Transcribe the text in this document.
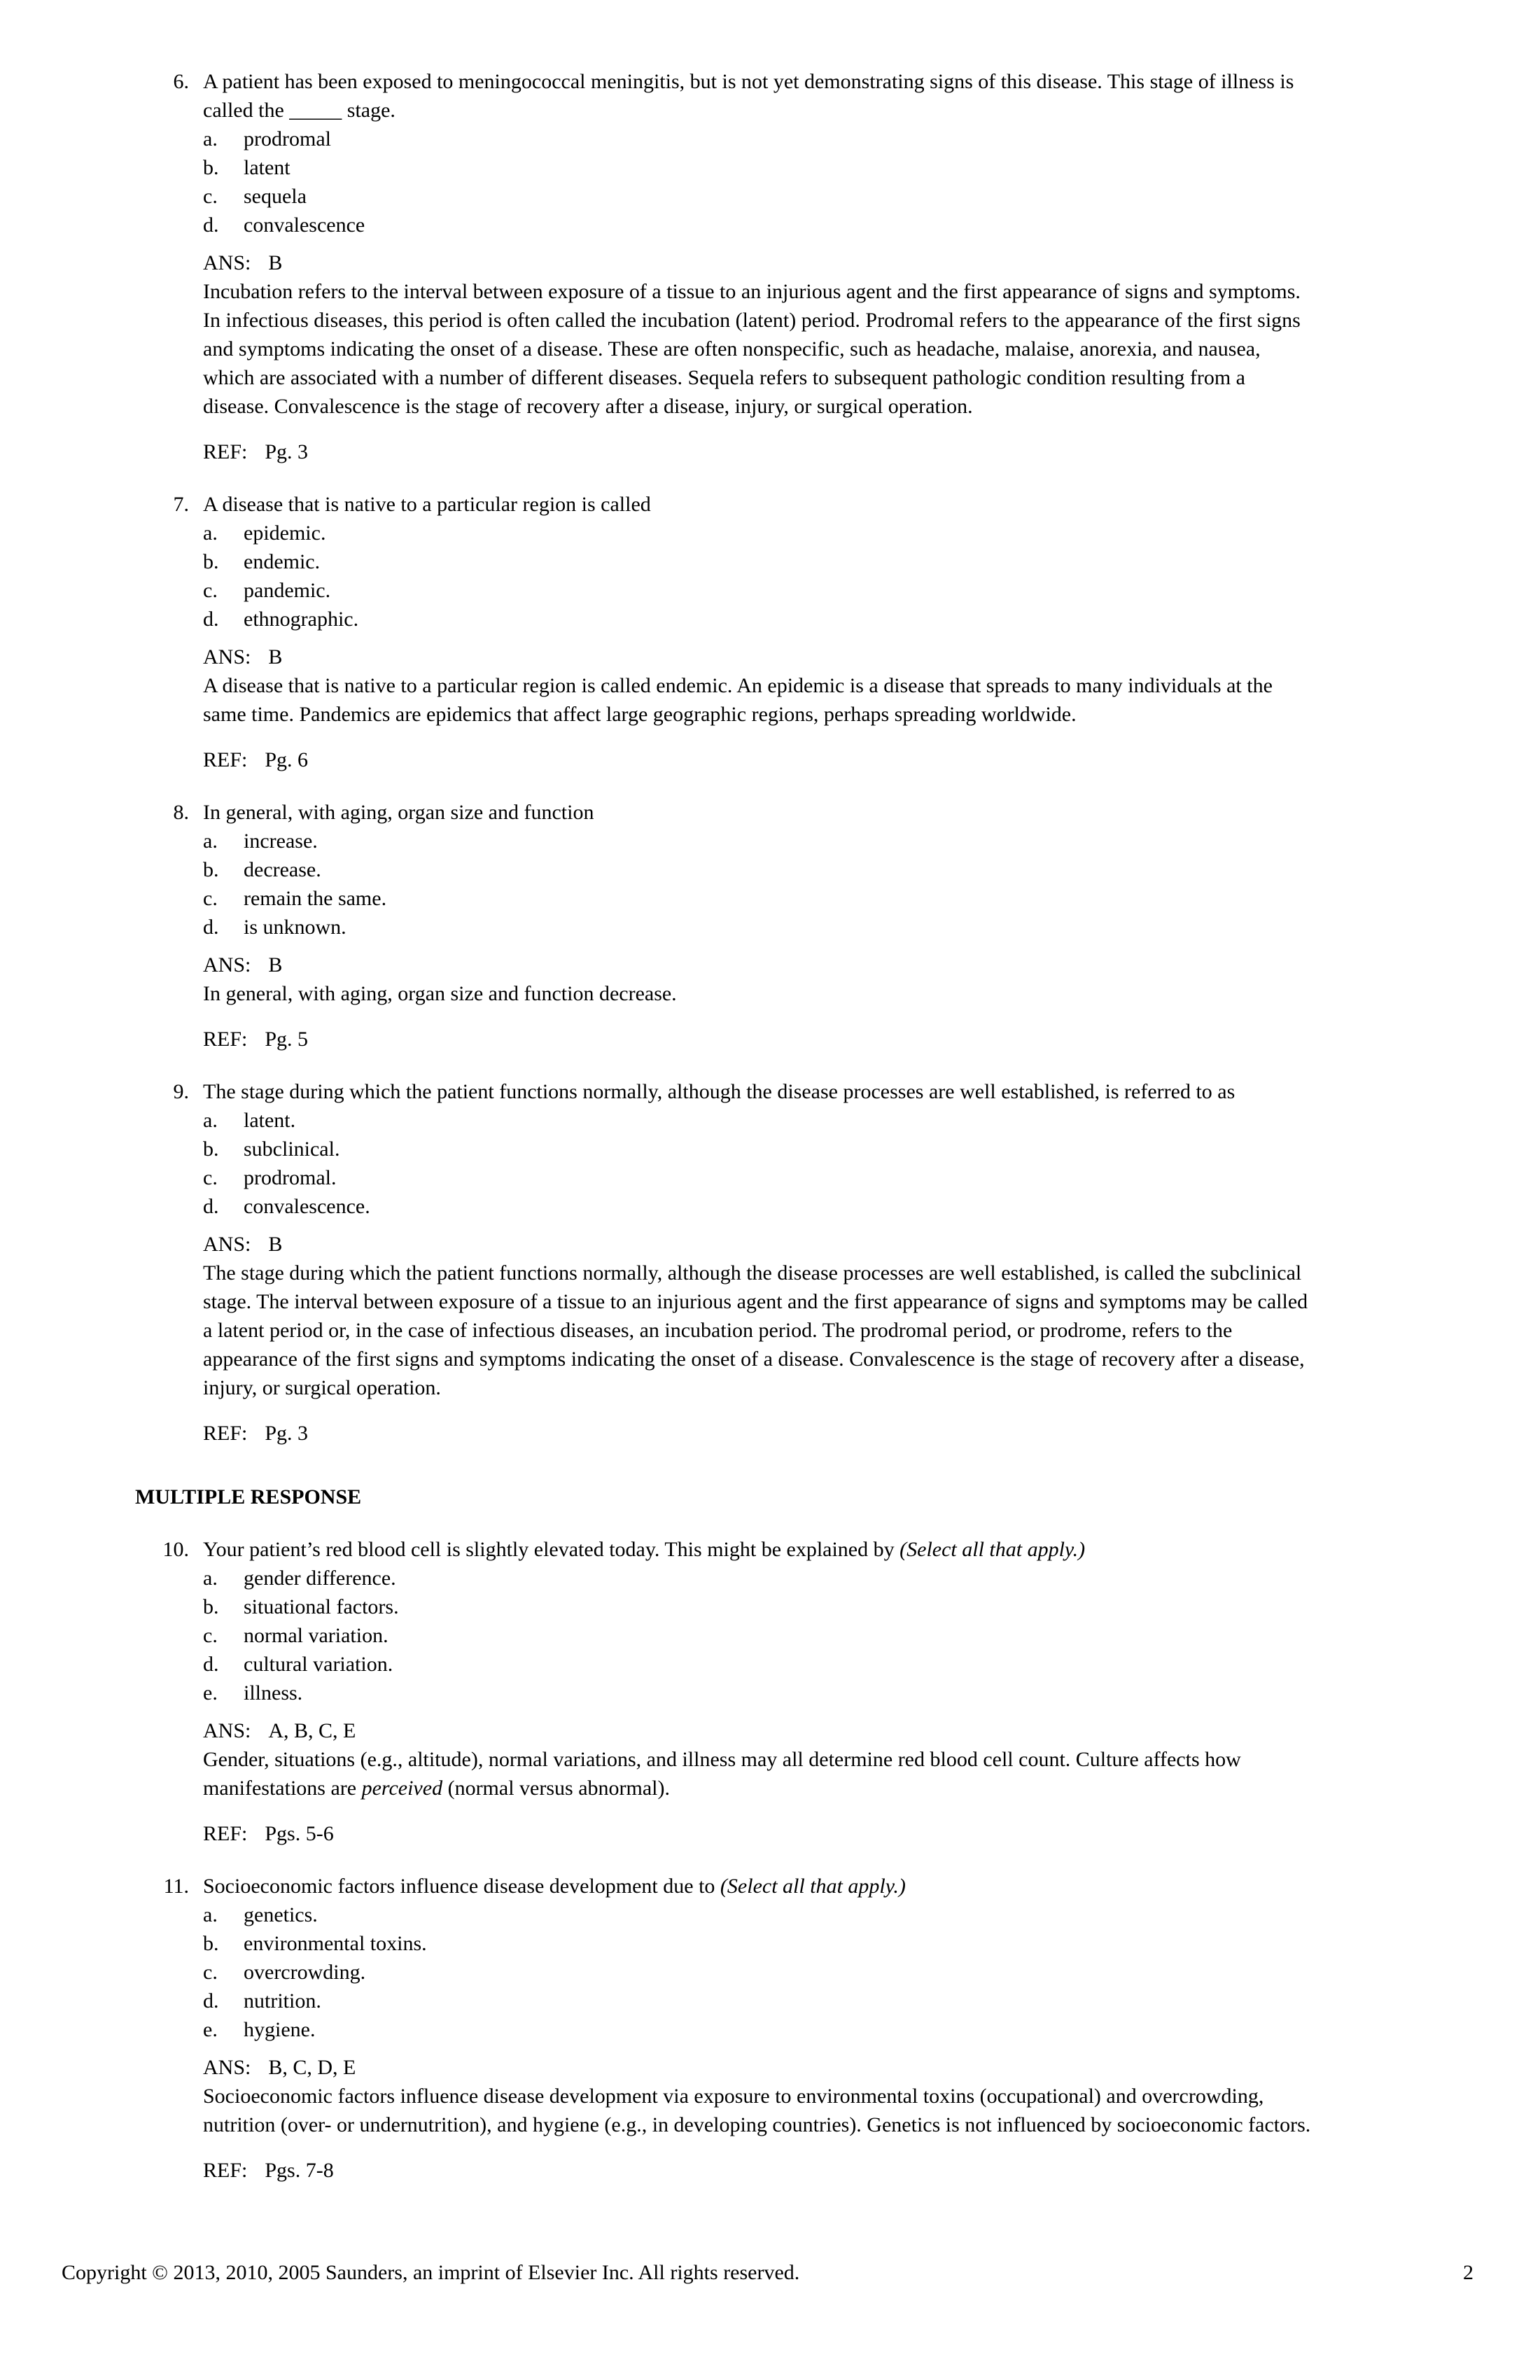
6. A patient has been exposed to meningococcal meningitis, but is not yet demonstrating signs of this disease. This stage of illness is
called the _____ stage.
a.	prodromal
b.	latent
c.	sequela
d.	convalescence
ANS: B
Incubation refers to the interval between exposure of a tissue to an injurious agent and the first appearance of signs and symptoms.
In infectious diseases, this period is often called the incubation (latent) period. Prodromal refers to the appearance of the first signs
and symptoms indicating the onset of a disease. These are often nonspecific, such as headache, malaise, anorexia, and nausea,
which are associated with a number of different diseases. Sequela refers to subsequent pathologic condition resulting from a
disease. Convalescence is the stage of recovery after a disease, injury, or surgical operation.
REF: Pg. 3
7. A disease that is native to a particular region is called
a.	epidemic.
b.	endemic.
c.	pandemic.
d.	ethnographic.
ANS: B
A disease that is native to a particular region is called endemic. An epidemic is a disease that spreads to many individuals at the
same time. Pandemics are epidemics that affect large geographic regions, perhaps spreading worldwide.
REF: Pg. 6
8. In general, with aging, organ size and function
a.	increase.
b.	decrease.
c.	remain the same.
d.	is unknown.
ANS: B
In general, with aging, organ size and function decrease.
REF: Pg. 5
9. The stage during which the patient functions normally, although the disease processes are well established, is referred to as
a.	latent.
b.	subclinical.
c.	prodromal.
d.	convalescence.
ANS: B
The stage during which the patient functions normally, although the disease processes are well established, is called the subclinical
stage. The interval between exposure of a tissue to an injurious agent and the first appearance of signs and symptoms may be called
a latent period or, in the case of infectious diseases, an incubation period. The prodromal period, or prodrome, refers to the
appearance of the first signs and symptoms indicating the onset of a disease. Convalescence is the stage of recovery after a disease,
injury, or surgical operation.
REF: Pg. 3
MULTIPLE RESPONSE
10. Your patient’s red blood cell is slightly elevated today. This might be explained by (Select all that apply.)
a.	gender difference.
b.	situational factors.
c.	normal variation.
d.	cultural variation.
e.	illness.
ANS: A, B, C, E
Gender, situations (e.g., altitude), normal variations, and illness may all determine red blood cell count. Culture affects how
manifestations are perceived (normal versus abnormal).
REF: Pgs. 5-6
11. Socioeconomic factors influence disease development due to (Select all that apply.)
a.	genetics.
b.	environmental toxins.
c.	overcrowding.
d.	nutrition.
e.	hygiene.
ANS: B, C, D, E
Socioeconomic factors influence disease development via exposure to environmental toxins (occupational) and overcrowding,
nutrition (over- or undernutrition), and hygiene (e.g., in developing countries). Genetics is not influenced by socioeconomic factors.
REF: Pgs. 7-8
Copyright © 2013, 2010, 2005 Saunders, an imprint of Elsevier Inc. All rights reserved.	2
